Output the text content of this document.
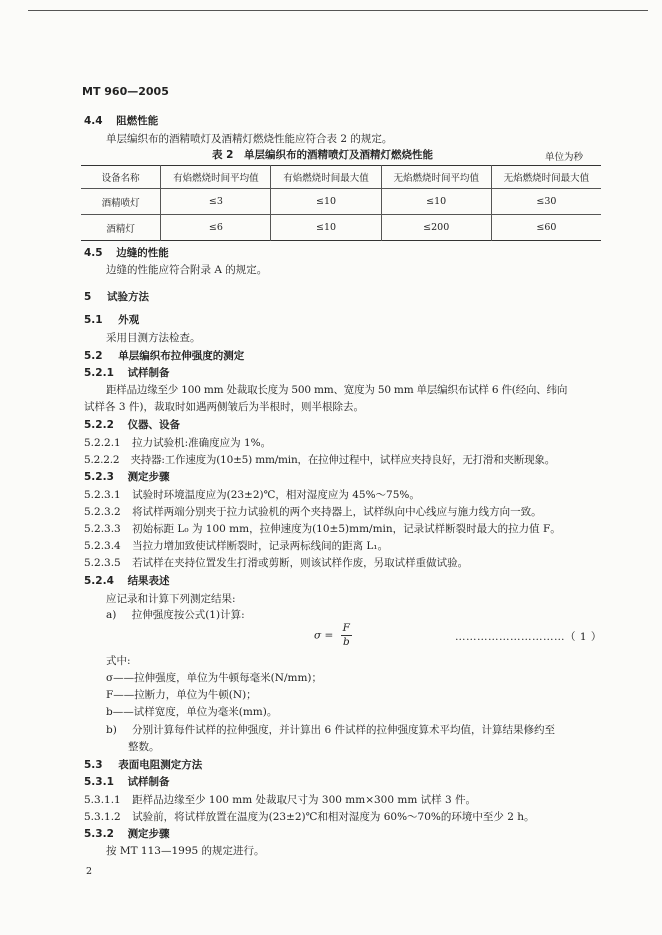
MT 960—2005
4.4 阻燃性能
单层编织布的酒精喷灯及酒精灯燃烧性能应符合表 2 的规定。
表 2　单层编织布的酒精喷灯及酒精灯燃烧性能	单位为秒
设备名称	有焰燃烧时间平均值	有焰燃烧时间最大值	无焰燃烧时间平均值	无焰燃烧时间最大值
酒精喷灯	≤3	≤10	≤10	≤30
酒精灯	≤6	≤10	≤200	≤60
4.5 边缝的性能
边缝的性能应符合附录 A 的规定。
5 试验方法
5.1 外观
采用目测方法检查。
5.2 单层编织布拉伸强度的测定
5.2.1 试样制备
距样品边缘至少 100 mm 处裁取长度为 500 mm、宽度为 50 mm 单层编织布试样 6 件(经向、纬向
试样各 3 件)，裁取时如遇两侧皱后为半根时，则半根除去。
5.2.2 仪器、设备
5.2.2.1 拉力试验机:准确度应为 1%。
5.2.2.2 夹持器:工作速度为(10±5) mm/min，在拉伸过程中，试样应夹持良好，无打滑和夹断现象。
5.2.3 测定步骤
5.2.3.1 试验时环境温度应为(23±2)℃，相对湿度应为 45%～75%。
5.2.3.2 将试样两端分别夹于拉力试验机的两个夹持器上，试样纵向中心线应与施力线方向一致。
5.2.3.3 初始标距 L₀ 为 100 mm，拉伸速度为(10±5)mm/min，记录试样断裂时最大的拉力值 F。
5.2.3.4 当拉力增加致使试样断裂时，记录两标线间的距离 L₁。
5.2.3.5 若试样在夹持位置发生打滑或剪断，则该试样作废，另取试样重做试验。
5.2.4 结果表述
应记录和计算下列测定结果:
a) 拉伸强度按公式(1)计算:
$\sigma = \frac{F}{b}$	…………………………（ 1 ）
式中:
σ——拉伸强度，单位为牛顿每毫米(N/mm)；
F——拉断力，单位为牛顿(N)；
b——试样宽度，单位为毫米(mm)。
b) 分别计算每件试样的拉伸强度，并计算出 6 件试样的拉伸强度算术平均值，计算结果修约至
整数。
5.3 表面电阻测定方法
5.3.1 试样制备
5.3.1.1 距样品边缘至少 100 mm 处裁取尺寸为 300 mm×300 mm 试样 3 件。
5.3.1.2 试验前，将试样放置在温度为(23±2)℃和相对湿度为 60%～70%的环境中至少 2 h。
5.3.2 测定步骤
按 MT 113—1995 的规定进行。
2
